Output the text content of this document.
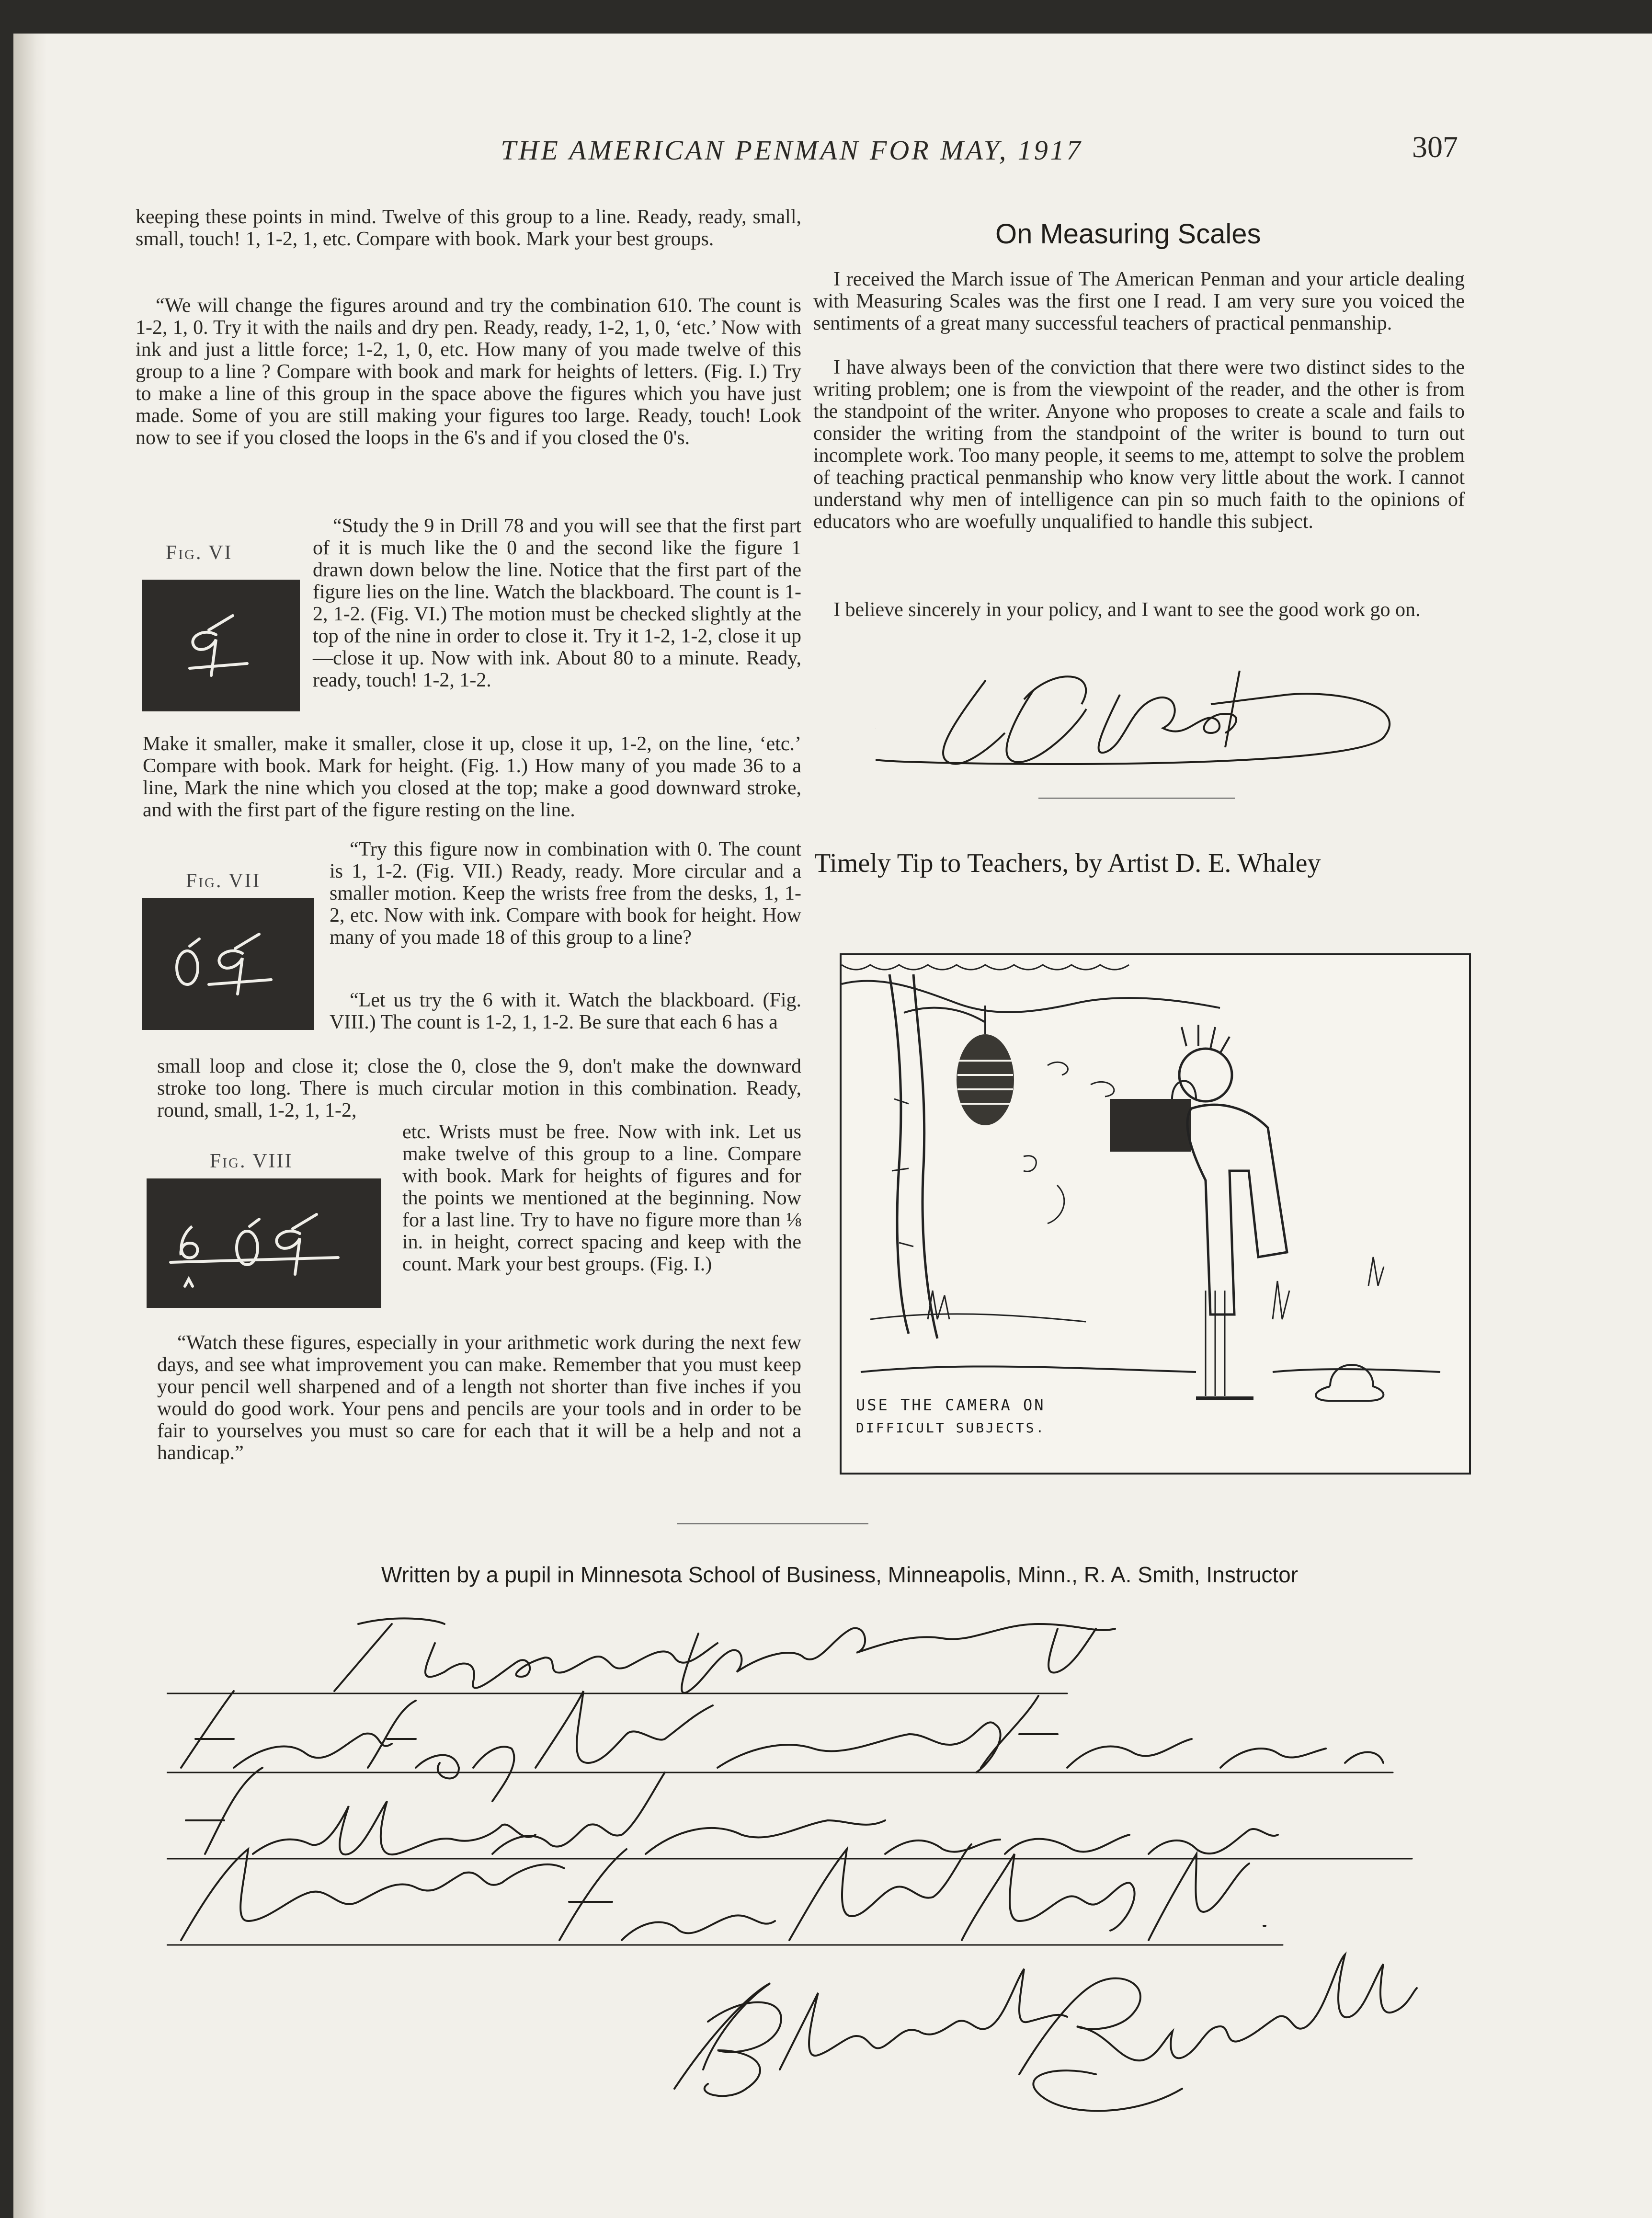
THE AMERICAN PENMAN FOR MAY, 1917	307

keeping these points in mind. Twelve of this group to a line. Ready, ready, small, small, touch! 1, 1-2, 1, etc. Compare with book. Mark your best groups.

“We will change the figures around and try the combination 610. The count is 1-2, 1, 0. Try it with the nails and dry pen. Ready, ready, 1-2, 1, 0, ‘etc.’ Now with ink and just a little force; 1-2, 1, 0, etc. How many of you made twelve of this group to a line ? Compare with book and mark for heights of letters. (Fig. I.) Try to make a line of this group in the space above the figures which you have just made. Some of you are still making your figures too large. Ready, touch! Look now to see if you closed the loops in the 6's and if you closed the 0's.

Fig. VI

“Study the 9 in Drill 78 and you will see that the first part of it is much like the 0 and the second like the figure 1 drawn down below the line. Notice that the first part of the figure lies on the line. Watch the blackboard. The count is 1-2, 1-2. (Fig. VI.) The motion must be checked slightly at the top of the nine in order to close it. Try it 1-2, 1-2, close it up—close it up. Now with ink. About 80 to a minute. Ready, ready, touch! 1-2, 1-2.

Make it smaller, make it smaller, close it up, close it up, 1-2, on the line, ‘etc.’ Compare with book. Mark for height. (Fig. 1.) How many of you made 36 to a line, Mark the nine which you closed at the top; make a good downward stroke, and with the first part of the figure resting on the line.

Fig. VII

“Try this figure now in combination with 0. The count is 1, 1-2. (Fig. VII.) Ready, ready. More circular and a smaller motion. Keep the wrists free from the desks, 1, 1-2, etc. Now with ink. Compare with book for height. How many of you made 18 of this group to a line?

“Let us try the 6 with it. Watch the blackboard. (Fig. VIII.) The count is 1-2, 1, 1-2. Be sure that each 6 has a

small loop and close it; close the 0, close the 9, don't make the downward stroke too long. There is much circular motion in this combination. Ready, round, small, 1-2, 1, 1-2,

Fig. VIII

etc. Wrists must be free. Now with ink. Let us make twelve of this group to a line. Compare with book. Mark for heights of figures and for the points we mentioned at the beginning. Now for a last line. Try to have no figure more than ⅛ in. in height, correct spacing and keep with the count. Mark your best groups. (Fig. I.)

“Watch these figures, especially in your arithmetic work during the next few days, and see what improvement you can make. Remember that you must keep your pencil well sharpened and of a length not shorter than five inches if you would do good work. Your pens and pencils are your tools and in order to be fair to yourselves you must so care for each that it will be a help and not a handicap.”

On Measuring Scales

I received the March issue of The American Penman and your article dealing with Measuring Scales was the first one I read. I am very sure you voiced the sentiments of a great many successful teachers of practical penmanship.

I have always been of the conviction that there were two distinct sides to the writing problem; one is from the viewpoint of the reader, and the other is from the standpoint of the writer. Anyone who proposes to create a scale and fails to consider the writing from the standpoint of the writer is bound to turn out incomplete work. Too many people, it seems to me, attempt to solve the problem of teaching practical penmanship who know very little about the work. I cannot understand why men of intelligence can pin so much faith to the opinions of educators who are woefully unqualified to handle this subject.

I believe sincerely in your policy, and I want to see the good work go on.

Timely Tip to Teachers, by Artist D. E. Whaley
USE THE CAMERA ON
DIFFICULT SUBJECTS.
Written by a pupil in Minnesota School of Business, Minneapolis, Minn., R. A. Smith, Instructor
